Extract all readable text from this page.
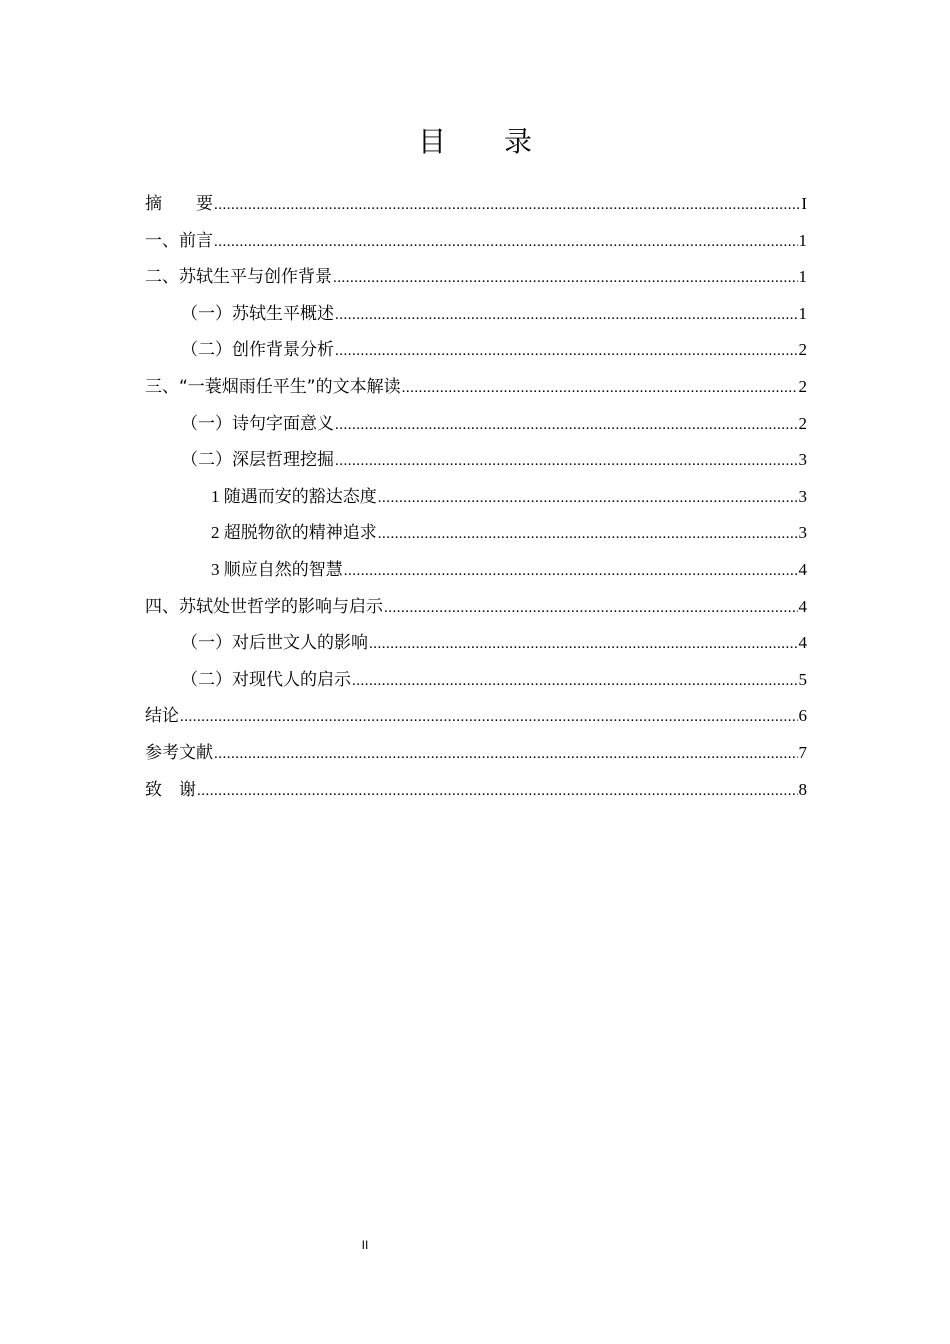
目录
摘　　要 .....	I
一、前言 .....	1
二、苏轼生平与创作背景 .....	1
（一）苏轼生平概述 .....	1
（二）创作背景分析 .....	2
三、“一蓑烟雨任平生”的文本解读 .....	2
（一）诗句字面意义 .....	2
（二）深层哲理挖掘 .....	3
1 随遇而安的豁达态度 .....	3
2 超脱物欲的精神追求 .....	3
3 顺应自然的智慧 .....	4
四、苏轼处世哲学的影响与启示 .....	4
（一）对后世文人的影响 .....	4
（二）对现代人的启示 .....	5
结论 .....	6
参考文献 .....	7
致　谢 .....	8
II
